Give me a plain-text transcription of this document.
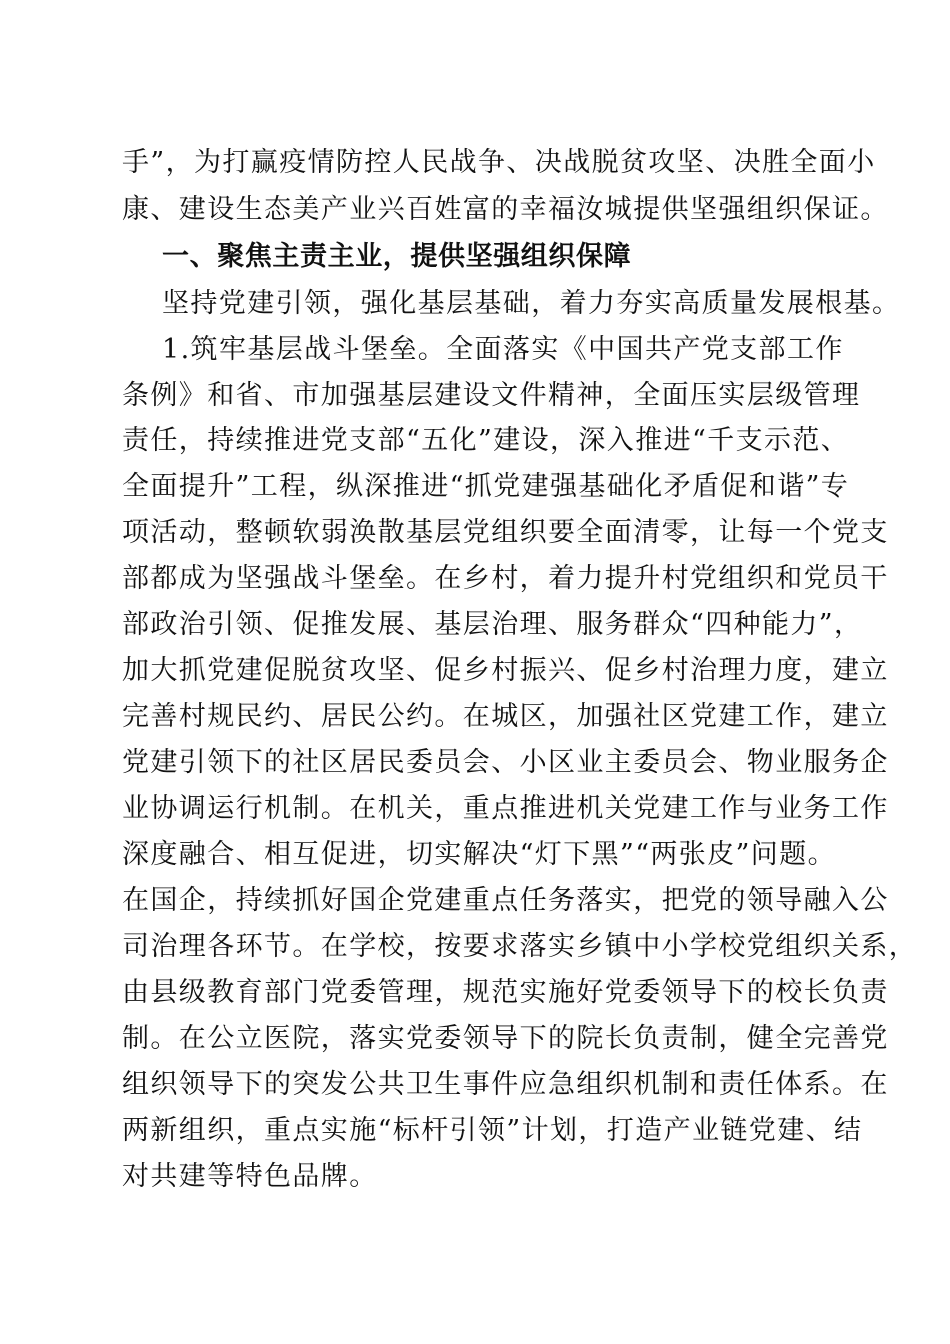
手”，为打赢疫情防控人民战争、决战脱贫攻坚、决胜全面小
康、建设生态美产业兴百姓富的幸福汝城提供坚强组织保证。
一、聚焦主责主业，提供坚强组织保障
坚持党建引领，强化基层基础，着力夯实高质量发展根基。
1.筑牢基层战斗堡垒。全面落实《中国共产党支部工作
条例》和省、市加强基层建设文件精神，全面压实层级管理
责任，持续推进党支部“五化”建设，深入推进“千支示范、
全面提升”工程，纵深推进“抓党建强基础化矛盾促和谐”专
项活动，整顿软弱涣散基层党组织要全面清零，让每一个党支
部都成为坚强战斗堡垒。在乡村，着力提升村党组织和党员干
部政治引领、促推发展、基层治理、服务群众“四种能力”，
加大抓党建促脱贫攻坚、促乡村振兴、促乡村治理力度，建立
完善村规民约、居民公约。在城区，加强社区党建工作，建立
党建引领下的社区居民委员会、小区业主委员会、物业服务企
业协调运行机制。在机关，重点推进机关党建工作与业务工作
深度融合、相互促进，切实解决“灯下黑”“两张皮”问题。
在国企，持续抓好国企党建重点任务落实，把党的领导融入公
司治理各环节。在学校，按要求落实乡镇中小学校党组织关系，
由县级教育部门党委管理，规范实施好党委领导下的校长负责
制。在公立医院，落实党委领导下的院长负责制，健全完善党
组织领导下的突发公共卫生事件应急组织机制和责任体系。在
两新组织，重点实施“标杆引领”计划，打造产业链党建、结
对共建等特色品牌。
